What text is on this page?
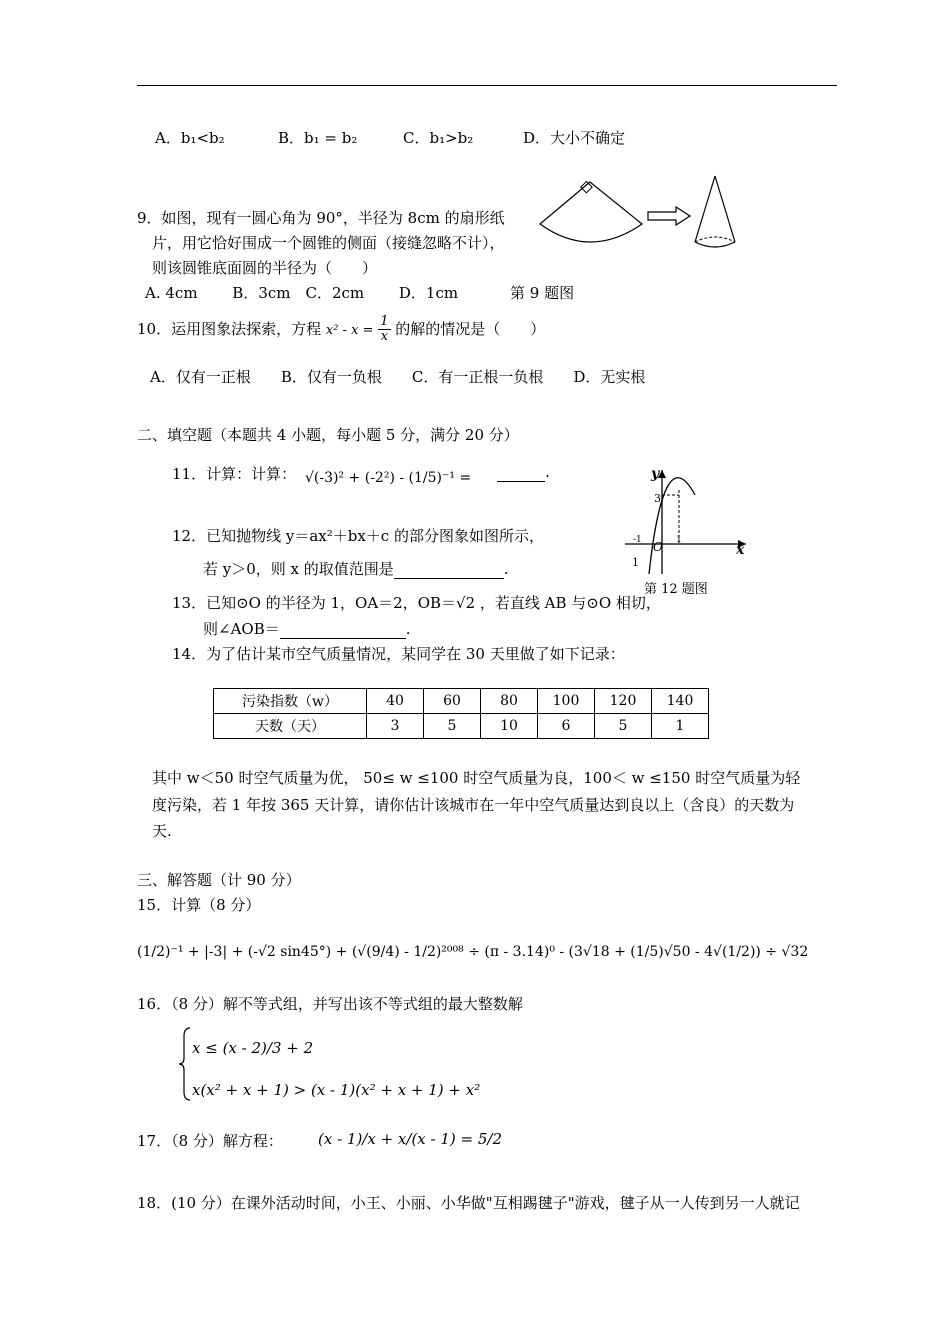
A．b₁<b₂	B．b₁ = b₂	C．b₁>b₂	D．大小不确定
9．如图，现有一圆心角为 90°，半径为 8cm 的扇形纸
片，用它恰好围成一个圆锥的侧面（接缝忽略不计），
则该圆锥底面圆的半径为（　　）
A. 4cm　　 B．3cm　C．2cm　　 D．1cm	第 9 题图
10．运用图象法探索，方程 $x^2 - x = \frac{1}{x}$ 的解的情况是（　　）
A．仅有一正根　　B．仅有一负根　　C．有一正根一负根　　D．无实根
二、填空题（本题共 4 小题，每小题 5 分，满分 20 分）
11．计算：计算： √(-3)² + (-2²) - (1/5)⁻¹ =	.
12．已知抛物线 y＝ax²＋bx＋c 的部分图象如图所示，
若 y＞0，则 x 的取值范围是	.
y
x
O
3
-1	1
1
第 12 题图
13．已知⊙O 的半径为 1，OA＝2，OB＝√2 ，若直线 AB 与⊙O 相切，
则∠AOB＝	.
14．为了估计某市空气质量情况，某同学在 30 天里做了如下记录：
污染指数（w）	40	60	80	100	120	140
天数（天）	3	5	10	6	5	1
其中 w＜50 时空气质量为优， 50≤ w ≤100 时空气质量为良，100＜ w ≤150 时空气质量为轻
度污染，若 1 年按 365 天计算，请你估计该城市在一年中空气质量达到良以上（含良）的天数为
天.
三、解答题（计 90 分）
15．计算（8 分）
(1/2)⁻¹ + |-3| + (-√2 sin45°) + (√(9/4) - 1/2)²⁰⁰⁸ ÷ (π - 3.14)⁰ - (3√18 + (1/5)√50 - 4√(1/2)) ÷ √32
16．（8 分）解不等式组，并写出该不等式组的最大整数解
x ≤ (x - 2)/3 + 2
x(x² + x + 1) > (x - 1)(x² + x + 1) + x²
17．（8 分）解方程： (x - 1)/x + x/(x - 1) = 5/2
18．(10 分）在课外活动时间，小王、小丽、小华做"互相踢毽子"游戏，毽子从一人传到另一人就记
